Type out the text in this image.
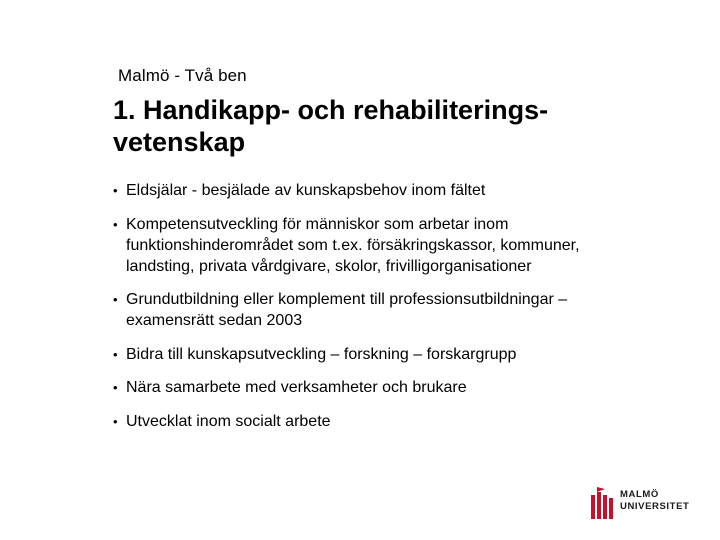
Malmö - Två ben
1. Handikapp- och rehabiliterings-vetenskap
• Eldsjälar - besjälade av kunskapsbehov inom fältet
• Kompetensutveckling för människor som arbetar inom funktionshinderområdet som t.ex. försäkringskassor, kommuner, landsting, privata vårdgivare, skolor, frivilligorganisationer
• Grundutbildning eller komplement till professionsutbildningar – examensrätt sedan 2003
• Bidra till kunskapsutveckling – forskning – forskargrupp
• Nära samarbete med verksamheter och brukare
• Utvecklat inom socialt arbete
MALMÖ
UNIVERSITET
